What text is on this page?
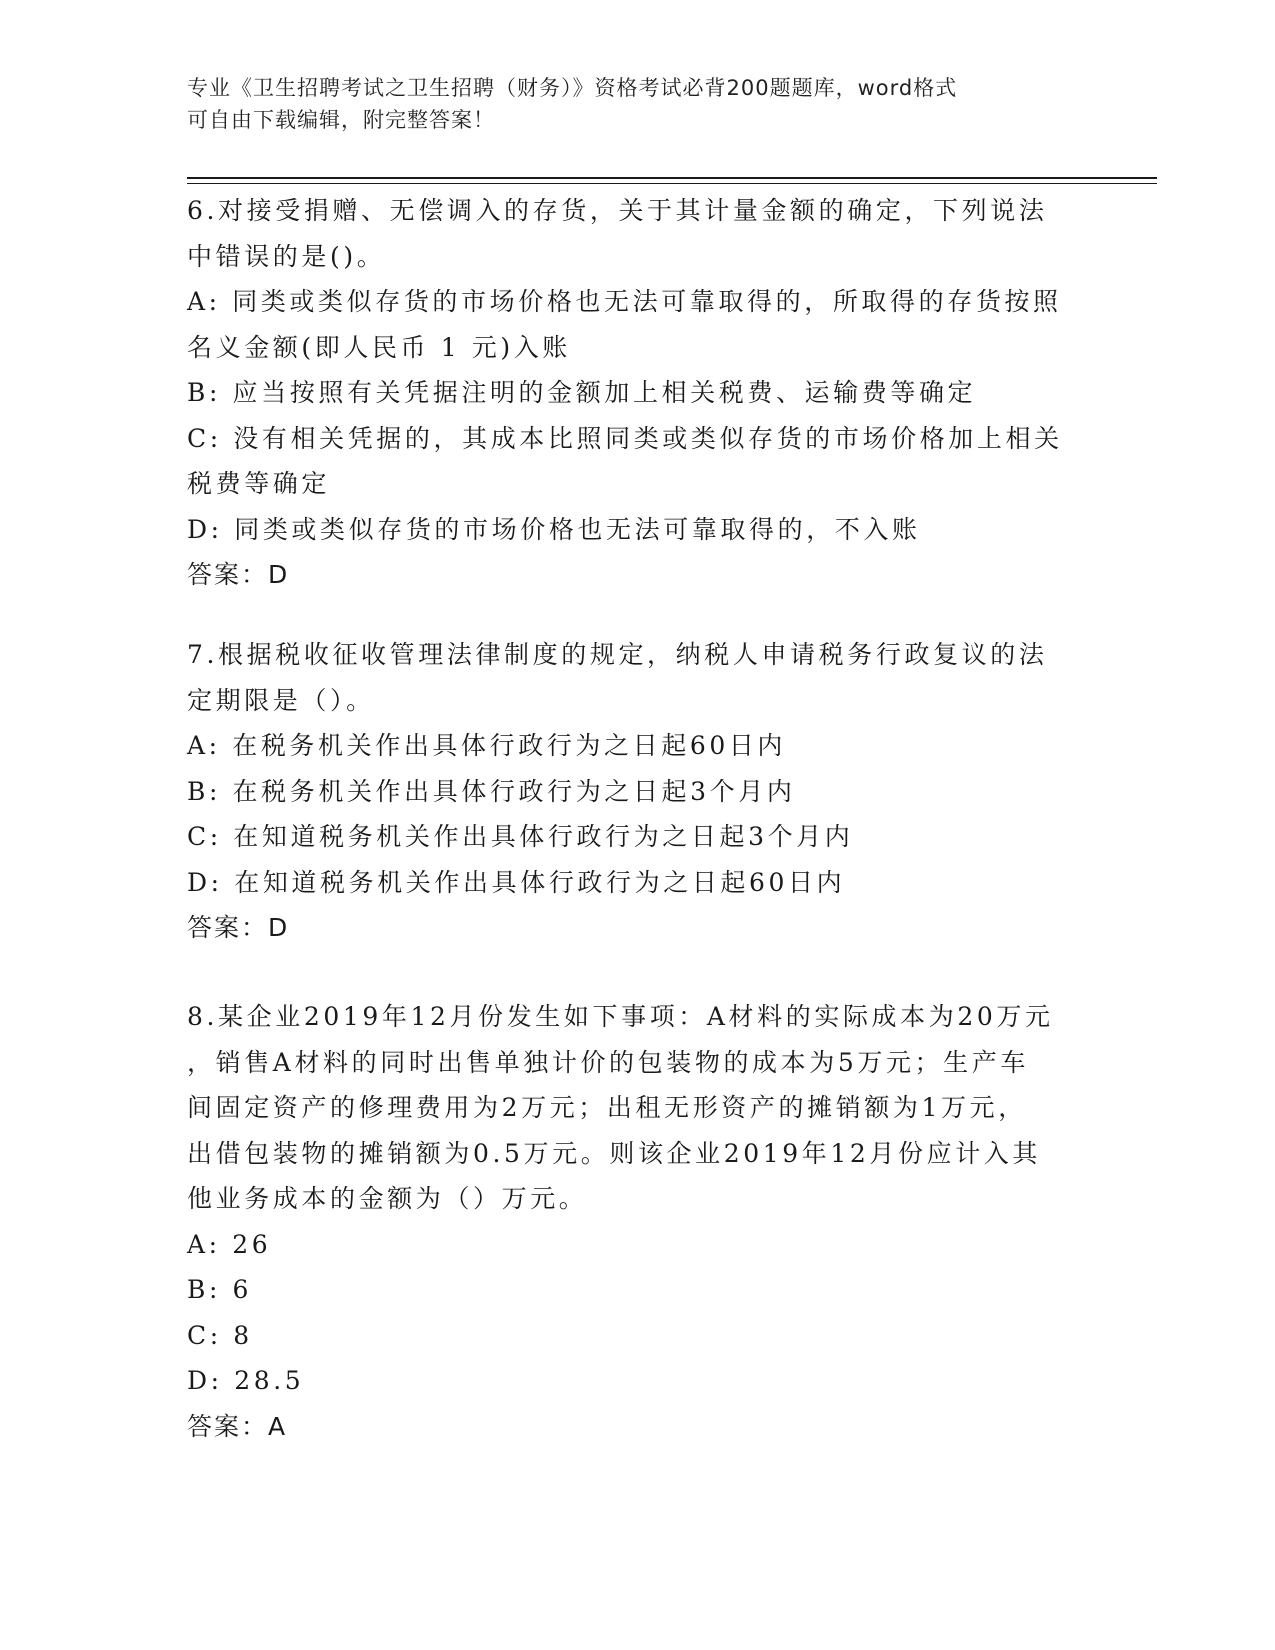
专业《卫生招聘考试之卫生招聘（财务）》资格考试必背200题题库，word格式
可自由下载编辑，附完整答案！
6.对接受捐赠、无偿调入的存货，关于其计量金额的确定，下列说法
中错误的是()。
A: 同类或类似存货的市场价格也无法可靠取得的，所取得的存货按照
名义金额(即人民币 1 元)入账
B: 应当按照有关凭据注明的金额加上相关税费、运输费等确定
C: 没有相关凭据的，其成本比照同类或类似存货的市场价格加上相关
税费等确定
D: 同类或类似存货的市场价格也无法可靠取得的，不入账
答案：D
7.根据税收征收管理法律制度的规定，纳税人申请税务行政复议的法
定期限是（）。
A: 在税务机关作出具体行政行为之日起60日内
B: 在税务机关作出具体行政行为之日起3个月内
C: 在知道税务机关作出具体行政行为之日起3个月内
D: 在知道税务机关作出具体行政行为之日起60日内
答案：D
8.某企业2019年12月份发生如下事项：A材料的实际成本为20万元
，销售A材料的同时出售单独计价的包装物的成本为5万元；生产车
间固定资产的修理费用为2万元；出租无形资产的摊销额为1万元，
出借包装物的摊销额为0.5万元。则该企业2019年12月份应计入其
他业务成本的金额为（）万元。
A: 26
B: 6
C: 8
D: 28.5
答案：A
